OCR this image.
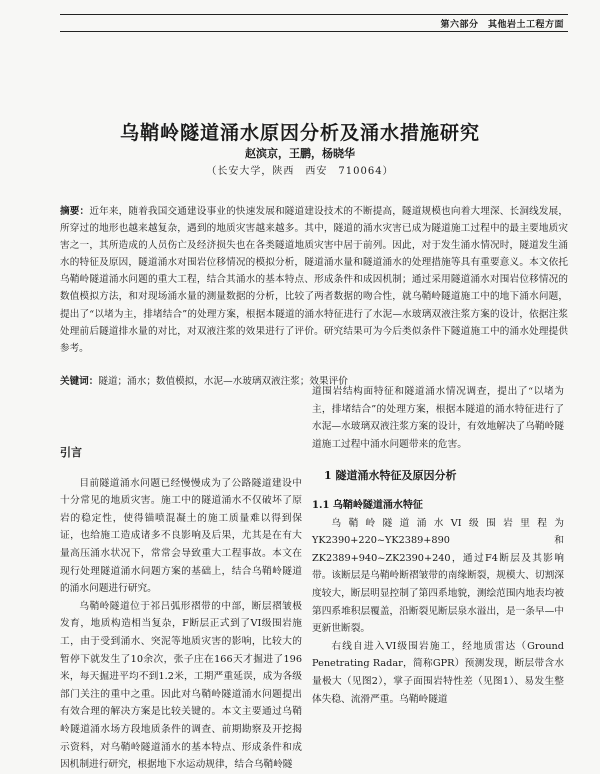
第六部分　其他岩土工程方面
乌鞘岭隧道涌水原因分析及涌水措施研究
赵滨京，王鹏，杨晓华
（长安大学，陕西　西安　710064）
摘要：近年来，随着我国交通建设事业的快速发展和隧道建设技术的不断提高，隧道规模也向着大埋深、长洞线发展，所穿过的地形也越来越复杂，遇到的地质灾害越来越多。其中，隧道的涌水灾害已成为隧道施工过程中的最主要地质灾害之一，其所造成的人员伤亡及经济损失也在各类隧道地质灾害中居于前列。因此，对于发生涌水情况时，隧道发生涌水的特征及原因，隧道涌水对围岩位移情况的模拟分析，隧道涌水量和隧道涌水的处理措施等具有重要意义。本文依托乌鞘岭隧道涌水问题的重大工程，结合其涌水的基本特点、形成条件和成因机制；通过采用隧道涌水对围岩位移情况的数值模拟方法，和对现场涌水量的测量数据的分析，比较了两者数据的吻合性，就乌鞘岭隧道施工中的地下涌水问题，提出了“以堵为主，排堵结合”的处理方案，根据本隧道的涌水特征进行了水泥—水玻璃双液注浆方案的设计，依据注浆处理前后隧道排水量的对比，对双液注浆的效果进行了评价。研究结果可为今后类似条件下隧道施工中的涌水处理提供参考。
关键词：隧道；涌水；数值模拟，水泥—水玻璃双液注浆；效果评价

引言

目前隧道涌水问题已经慢慢成为了公路隧道建设中十分常见的地质灾害。施工中的隧道涌水不仅破坏了原岩的稳定性，使得锚喷混凝土的施工质量难以得到保证，也给施工造成诸多不良影响及后果，尤其是在有大量高压涌水状况下，常常会导致重大工程事故。本文在现行处理隧道涌水问题方案的基础上，结合乌鞘岭隧道的涌水问题进行研究。

乌鞘岭隧道位于祁吕弧形褶带的中部，断层褶皱极发育，地质构造相当复杂，F断层正式到了VI级围岩施工，由于受到涌水、突泥等地质灾害的影响，比较大的暂停下就发生了10余次，张子庄在166天才掘进了196米，每天掘进平均不到1.2米，工期严重延误，成为各级部门关注的重中之重。因此对乌鞘岭隧道涌水问题提出有效合理的解决方案是比较关键的。本文主要通过乌鞘岭隧道涌水场方段地质条件的调查、前期勘察及开挖揭示资料，对乌鞘岭隧道涌水的基本特点、形成条件和成因机制进行研究，根据地下水运动规律，结合乌鞘岭隧

道围岩结构面特征和隧道涌水情况调查，提出了“以堵为主，排堵结合”的处理方案，根据本隧道的涌水特征进行了水泥—水玻璃双液注浆方案的设计，有效地解决了乌鞘岭隧道施工过程中涌水问题带来的危害。

1 隧道涌水特征及原因分析

1.1 乌鞘岭隧道涌水特征

乌鞘岭隧道涌水VI级围岩里程为YK2390+220~YK2389+890和ZK2389+940~ZK2390+240，通过F4断层及其影响带。该断层是乌鞘岭断褶皱带的南缘断裂，规模大、切割深度较大，断层明显控制了第四系地貌，测绘范围内地表均被第四系堆积层覆盖，沿断裂见断层泉水溢出，是一条早—中更新世断裂。

右线自进入VI级围岩施工，经地质雷达（Ground Penetrating Radar，简称GPR）预测发现，断层带含水量极大（见图2），掌子面围岩特性差（见图1）、易发生整体失稳、流滑严重。乌鞘岭隧道
